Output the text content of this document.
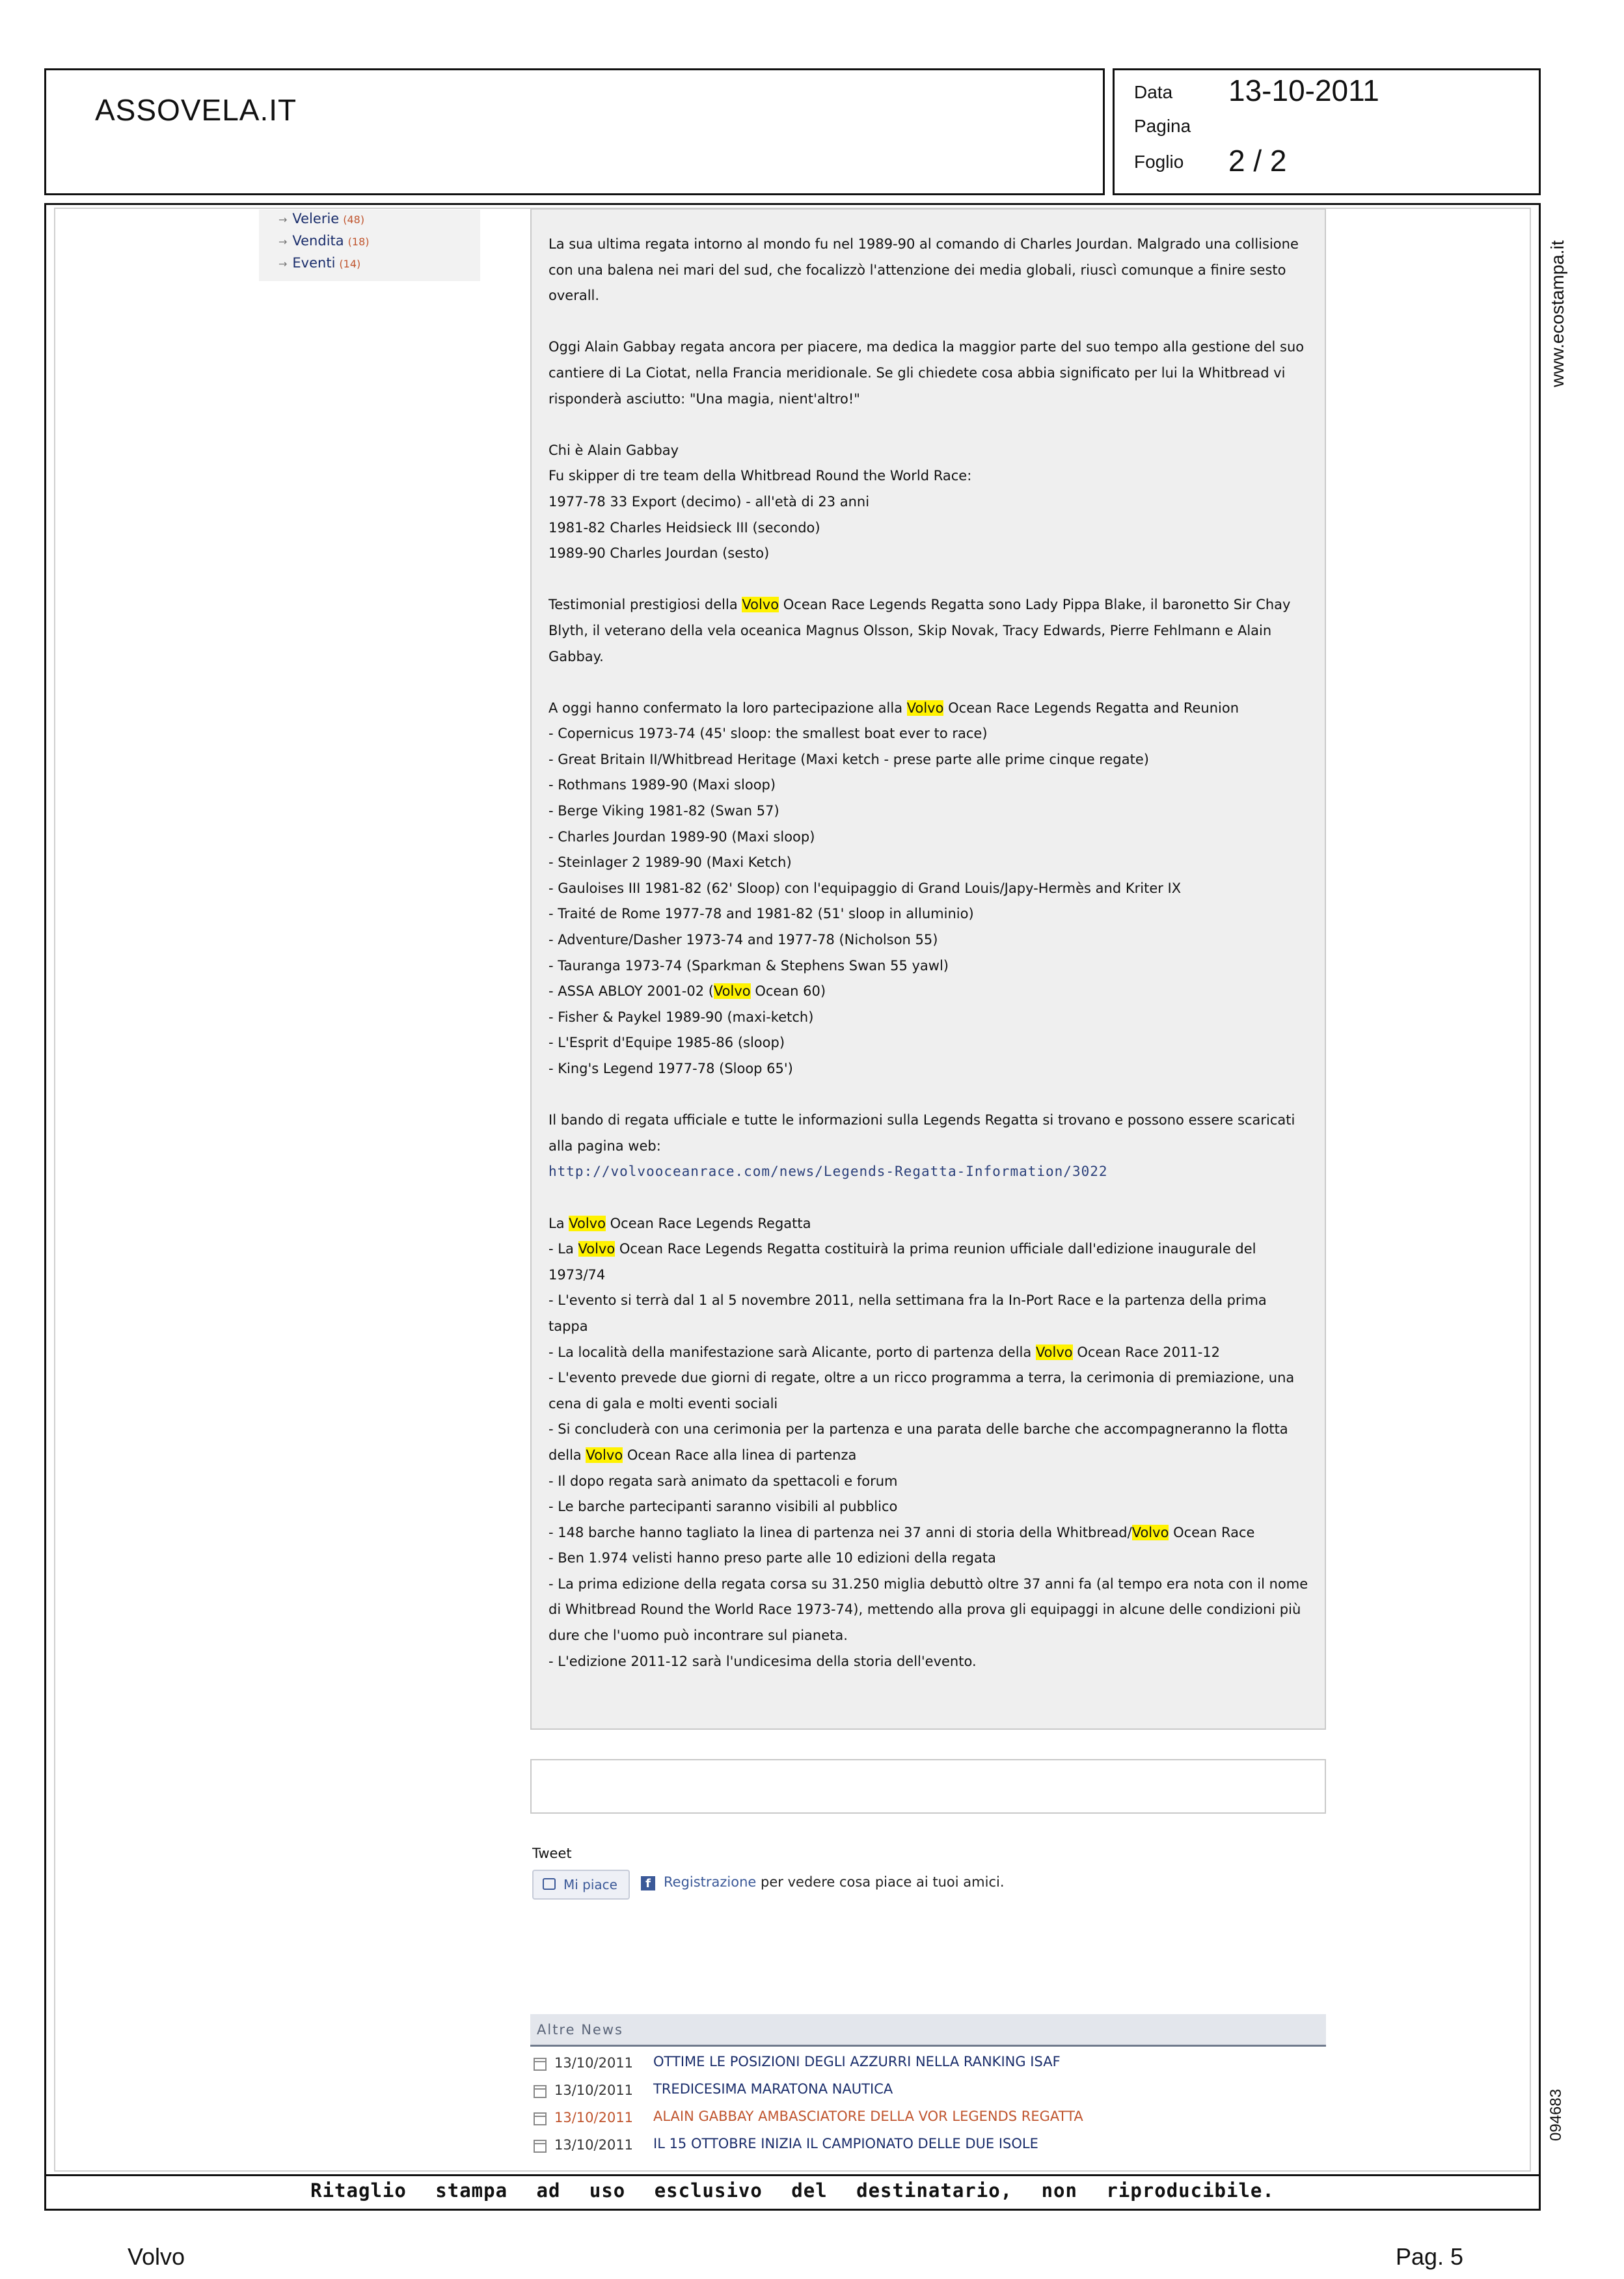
ASSOVELA.IT
Data 13-10-2011
Pagina
Foglio 2 / 2
Ritaglio stampa ad uso esclusivo del destinatario, non riproducibile.
www.ecostampa.it
094683
→ Velerie (48)
→ Vendita (18)
→ Eventi (14)
La sua ultima regata intorno al mondo fu nel 1989-90 al comando di Charles Jourdan. Malgrado una collisione
con una balena nei mari del sud, che focalizzò l'attenzione dei media globali, riuscì comunque a finire sesto
overall.

Oggi Alain Gabbay regata ancora per piacere, ma dedica la maggior parte del suo tempo alla gestione del suo
cantiere di La Ciotat, nella Francia meridionale. Se gli chiedete cosa abbia significato per lui la Whitbread vi
risponderà asciutto: "Una magia, nient'altro!"

Chi è Alain Gabbay
Fu skipper di tre team della Whitbread Round the World Race:
1977-78 33 Export (decimo) - all'età di 23 anni
1981-82 Charles Heidsieck III (secondo)
1989-90 Charles Jourdan (sesto)

Testimonial prestigiosi della Volvo Ocean Race Legends Regatta sono Lady Pippa Blake, il baronetto Sir Chay
Blyth, il veterano della vela oceanica Magnus Olsson, Skip Novak, Tracy Edwards, Pierre Fehlmann e Alain
Gabbay.

A oggi hanno confermato la loro partecipazione alla Volvo Ocean Race Legends Regatta and Reunion
- Copernicus 1973-74 (45' sloop: the smallest boat ever to race)
- Great Britain II/Whitbread Heritage (Maxi ketch - prese parte alle prime cinque regate)
- Rothmans 1989-90 (Maxi sloop)
- Berge Viking 1981-82 (Swan 57)
- Charles Jourdan 1989-90 (Maxi sloop)
- Steinlager 2 1989-90 (Maxi Ketch)
- Gauloises III 1981-82 (62' Sloop) con l'equipaggio di Grand Louis/Japy-Hermès and Kriter IX
- Traité de Rome 1977-78 and 1981-82 (51' sloop in alluminio)
- Adventure/Dasher 1973-74 and 1977-78 (Nicholson 55)
- Tauranga 1973-74 (Sparkman & Stephens Swan 55 yawl)
- ASSA ABLOY 2001-02 (Volvo Ocean 60)
- Fisher & Paykel 1989-90 (maxi-ketch)
- L'Esprit d'Equipe 1985-86 (sloop)
- King's Legend 1977-78 (Sloop 65')

Il bando di regata ufficiale e tutte le informazioni sulla Legends Regatta si trovano e possono essere scaricati
alla pagina web:
http://volvooceanrace.com/news/Legends-Regatta-Information/3022

La Volvo Ocean Race Legends Regatta
- La Volvo Ocean Race Legends Regatta costituirà la prima reunion ufficiale dall'edizione inaugurale del
1973/74
- L'evento si terrà dal 1 al 5 novembre 2011, nella settimana fra la In-Port Race e la partenza della prima
tappa
- La località della manifestazione sarà Alicante, porto di partenza della Volvo Ocean Race 2011-12
- L'evento prevede due giorni di regate, oltre a un ricco programma a terra, la cerimonia di premiazione, una
cena di gala e molti eventi sociali
- Si concluderà con una cerimonia per la partenza e una parata delle barche che accompagneranno la flotta
della Volvo Ocean Race alla linea di partenza
- Il dopo regata sarà animato da spettacoli e forum
- Le barche partecipanti saranno visibili al pubblico
- 148 barche hanno tagliato la linea di partenza nei 37 anni di storia della Whitbread/Volvo Ocean Race
- Ben 1.974 velisti hanno preso parte alle 10 edizioni della regata
- La prima edizione della regata corsa su 31.250 miglia debuttò oltre 37 anni fa (al tempo era nota con il nome
di Whitbread Round the World Race 1973-74), mettendo alla prova gli equipaggi in alcune delle condizioni più
dure che l'uomo può incontrare sul pianeta.
- L'edizione 2011-12 sarà l'undicesima della storia dell'evento.
Tweet
Mi piace	f Registrazione per vedere cosa piace ai tuoi amici.
Altre News
13/10/2011 OTTIME LE POSIZIONI DEGLI AZZURRI NELLA RANKING ISAF
13/10/2011 TREDICESIMA MARATONA NAUTICA
13/10/2011 ALAIN GABBAY AMBASCIATORE DELLA VOR LEGENDS REGATTA
13/10/2011 IL 15 OTTOBRE INIZIA IL CAMPIONATO DELLE DUE ISOLE
Volvo	Pag. 5
